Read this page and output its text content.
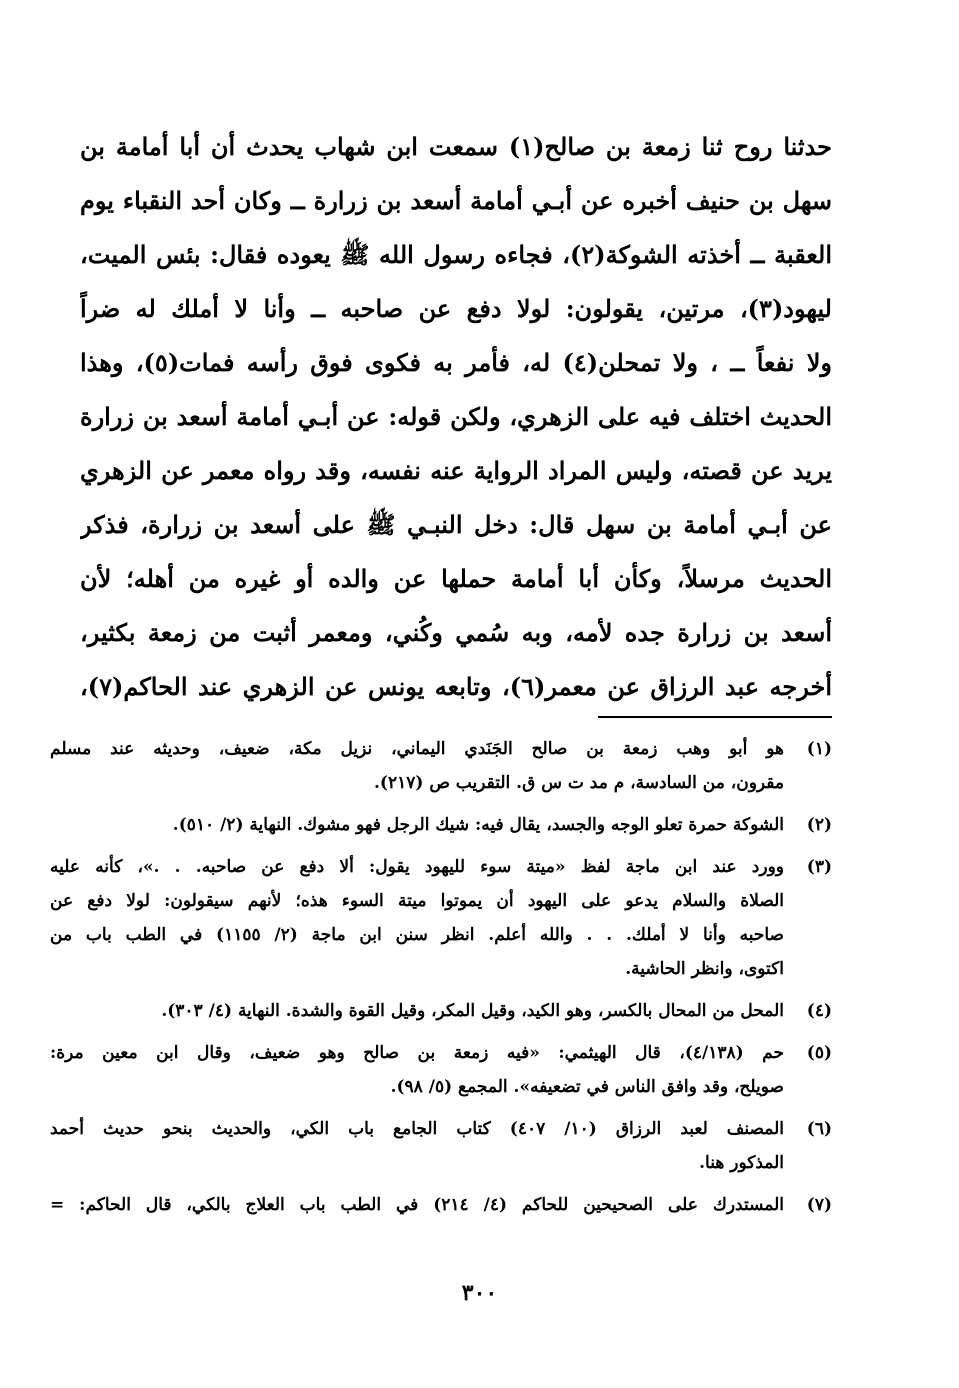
حدثنا روح ثنا زمعة بن صالح(١) سمعت ابن شهاب يحدث أن أبا أمامة بن
سهل بن حنيف أخبره عن أبـي أمامة أسعد بن زرارة ــ وكان أحد النقباء يوم
العقبة ــ أخذته الشوكة(٢)، فجاءه رسول الله ﷺ يعوده فقال: بئس الميت،
ليهود(٣)، مرتين، يقولون: لولا دفع عن صاحبه ــ وأنا لا أملك له ضراً
ولا نفعاً ــ ، ولا تمحلن(٤) له، فأمر به فكوى فوق رأسه فمات(٥)، وهذا
الحديث اختلف فيه على الزهري، ولكن قوله: عن أبـي أمامة أسعد بن زرارة
يريد عن قصته، وليس المراد الرواية عنه نفسه، وقد رواه معمر عن الزهري
عن أبـي أمامة بن سهل قال: دخل النبـي ﷺ على أسعد بن زرارة، فذكر
الحديث مرسلاً، وكأن أبا أمامة حملها عن والده أو غيره من أهله؛ لأن
أسعد بن زرارة جده لأمه، وبه سُمي وكُني، ومعمر أثبت من زمعة بكثير،
أخرجه عبد الرزاق عن معمر(٦)، وتابعه يونس عن الزهري عند الحاكم(٧)،
(١)
هو أبو وهب زمعة بن صالح الجَنَدي اليماني، نزيل مكة، ضعيف، وحديثه عند مسلم
مقرون، من السادسة، م مد ت س ق. التقريب ص (٢١٧).
(٢)
الشوكة حمرة تعلو الوجه والجسد، يقال فيه: شيك الرجل فهو مشوك. النهاية (٢/ ٥١٠).
(٣)
وورد عند ابن ماجة لفظ «ميتة سوء لليهود يقول: ألا دفع عن صاحبه. . .»، كأنه عليه
الصلاة والسلام يدعو على اليهود أن يموتوا ميتة السوء هذه؛ لأنهم سيقولون: لولا دفع عن
صاحبه وأنا لا أملك. . . والله أعلم. انظر سنن ابن ماجة (٢/ ١١٥٥) في الطب باب من
اكتوى، وانظر الحاشية.
(٤)
المحل من المحال بالكسر، وهو الكيد، وقيل المكر، وقيل القوة والشدة. النهاية (٤/ ٣٠٣).
(٥)
حم (٤/١٣٨)، قال الهيثمي: «فيه زمعة بن صالح وهو ضعيف، وقال ابن معين مرة:
صويلح، وقد وافق الناس في تضعيفه». المجمع (٥/ ٩٨).
(٦)
المصنف لعبد الرزاق (١٠/ ٤٠٧) كتاب الجامع باب الكي، والحديث بنحو حديث أحمد
المذكور هنا.
(٧)
المستدرك على الصحيحين للحاكم (٤/ ٢١٤) في الطب باب العلاج بالكي، قال الحاكم: =
٣٠٠
